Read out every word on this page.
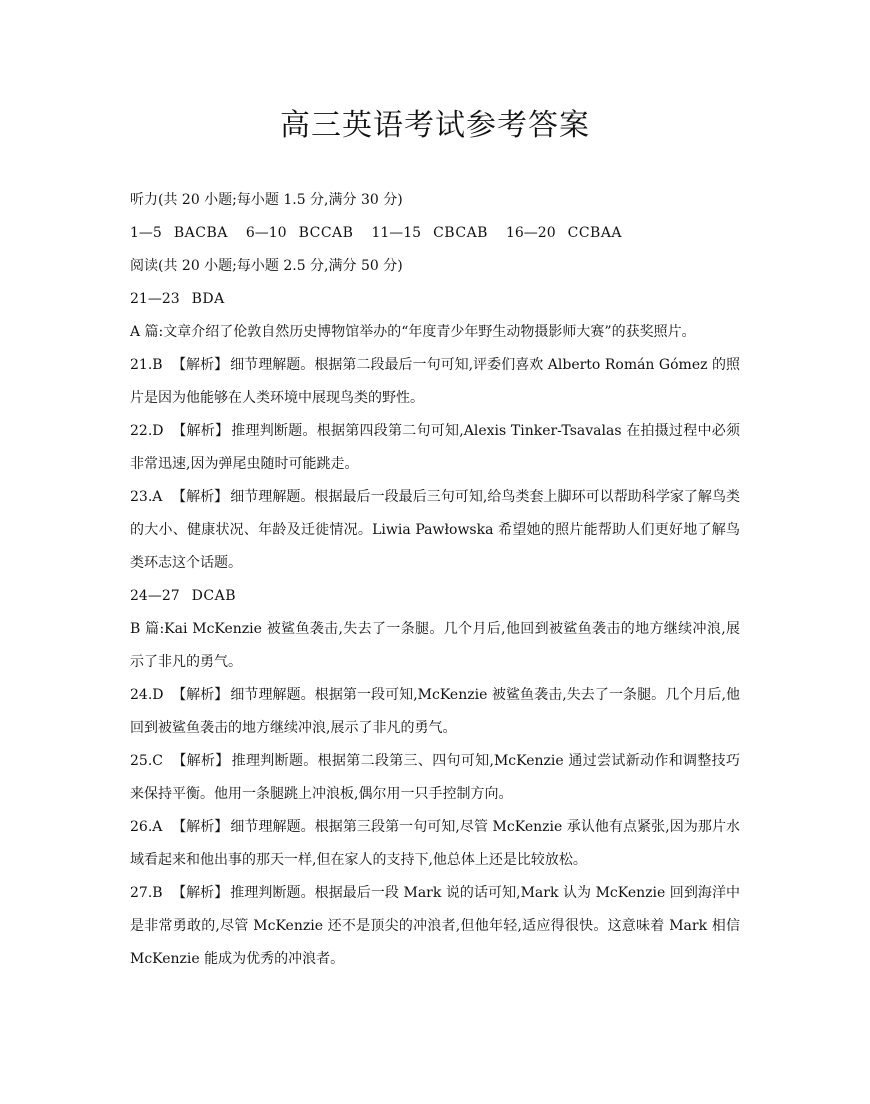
高三英语考试参考答案
听力(共 20 小题;每小题 1.5 分,满分 30 分)
1—5 BACBA 6—10 BCCAB 11—15 CBCAB 16—20 CCBAA
阅读(共 20 小题;每小题 2.5 分,满分 50 分)
21—23 BDA

A 篇:文章介绍了伦敦自然历史博物馆举办的“年度青少年野生动物摄影师大赛”的获奖照片。

21.B 【解析】 细节理解题。根据第二段最后一句可知,评委们喜欢 Alberto Román Gómez 的照片是因为他能够在人类环境中展现鸟类的野性。

22.D 【解析】 推理判断题。根据第四段第二句可知,Alexis Tinker-Tsavalas 在拍摄过程中必须非常迅速,因为弹尾虫随时可能跳走。

23.A 【解析】 细节理解题。根据最后一段最后三句可知,给鸟类套上脚环可以帮助科学家了解鸟类的大小、健康状况、年龄及迁徙情况。Liwia Pawłowska 希望她的照片能帮助人们更好地了解鸟类环志这个话题。

24—27 DCAB

B 篇:Kai McKenzie 被鲨鱼袭击,失去了一条腿。几个月后,他回到被鲨鱼袭击的地方继续冲浪,展示了非凡的勇气。

24.D 【解析】 细节理解题。根据第一段可知,McKenzie 被鲨鱼袭击,失去了一条腿。几个月后,他回到被鲨鱼袭击的地方继续冲浪,展示了非凡的勇气。

25.C 【解析】 推理判断题。根据第二段第三、四句可知,McKenzie 通过尝试新动作和调整技巧来保持平衡。他用一条腿跳上冲浪板,偶尔用一只手控制方向。

26.A 【解析】 细节理解题。根据第三段第一句可知,尽管 McKenzie 承认他有点紧张,因为那片水域看起来和他出事的那天一样,但在家人的支持下,他总体上还是比较放松。

27.B 【解析】 推理判断题。根据最后一段 Mark 说的话可知,Mark 认为 McKenzie 回到海洋中是非常勇敢的,尽管 McKenzie 还不是顶尖的冲浪者,但他年轻,适应得很快。这意味着 Mark 相信 McKenzie 能成为优秀的冲浪者。
